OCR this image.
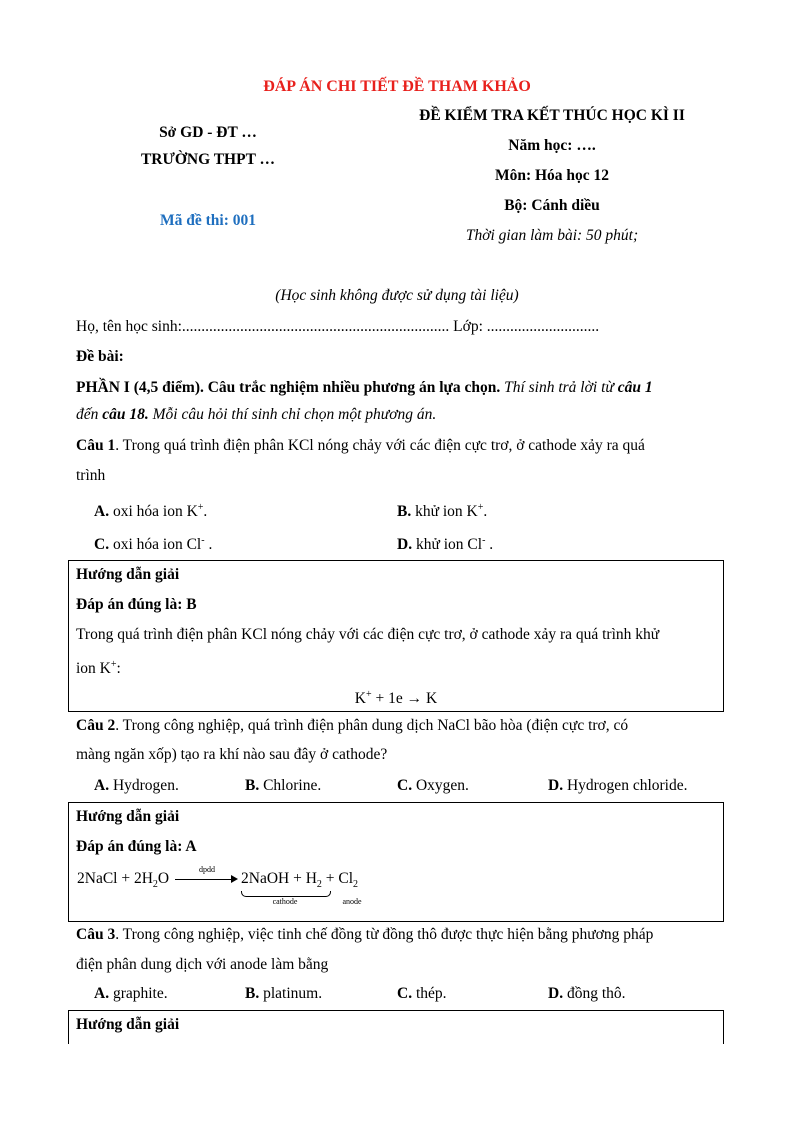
ĐÁP ÁN CHI TIẾT ĐỀ THAM KHẢO
Sở GD - ĐT …
TRƯỜNG THPT …
Mã đề thi: 001
ĐỀ KIỂM TRA KẾT THÚC HỌC KÌ II
Năm học: ….
Môn: Hóa học 12
Bộ: Cánh diều
Thời gian làm bài: 50 phút;
(Học sinh không được sử dụng tài liệu)
Họ, tên học sinh:..................................................................... Lớp: .............................
Đề bài:
PHẦN I (4,5 điểm). Câu trắc nghiệm nhiều phương án lựa chọn. Thí sinh trả lời từ câu 1
đến câu 18. Mỗi câu hỏi thí sinh chỉ chọn một phương án.
Câu 1. Trong quá trình điện phân KCl nóng chảy với các điện cực trơ, ở cathode xảy ra quá
trình
A. oxi hóa ion K+.	B. khử ion K+.
C. oxi hóa ion Cl- .	D. khử ion Cl- .
Hướng dẫn giải
Đáp án đúng là: B
Trong quá trình điện phân KCl nóng chảy với các điện cực trơ, ở cathode xảy ra quá trình khử
ion K+:
K+ + 1e → K
Câu 2. Trong công nghiệp, quá trình điện phân dung dịch NaCl bão hòa (điện cực trơ, có
màng ngăn xốp) tạo ra khí nào sau đây ở cathode?
A. Hydrogen.	B. Chlorine.	C. Oxygen.	D. Hydrogen chloride.
Hướng dẫn giải
Đáp án đúng là: A
2NaCl + $2H_2O$
dpdd
2NaOH + $H_2 + Cl_2$
cathode	anode
Câu 3. Trong công nghiệp, việc tinh chế đồng từ đồng thô được thực hiện bằng phương pháp
điện phân dung dịch với anode làm bằng
A. graphite.	B. platinum.	C. thép.	D. đồng thô.
Hướng dẫn giải
